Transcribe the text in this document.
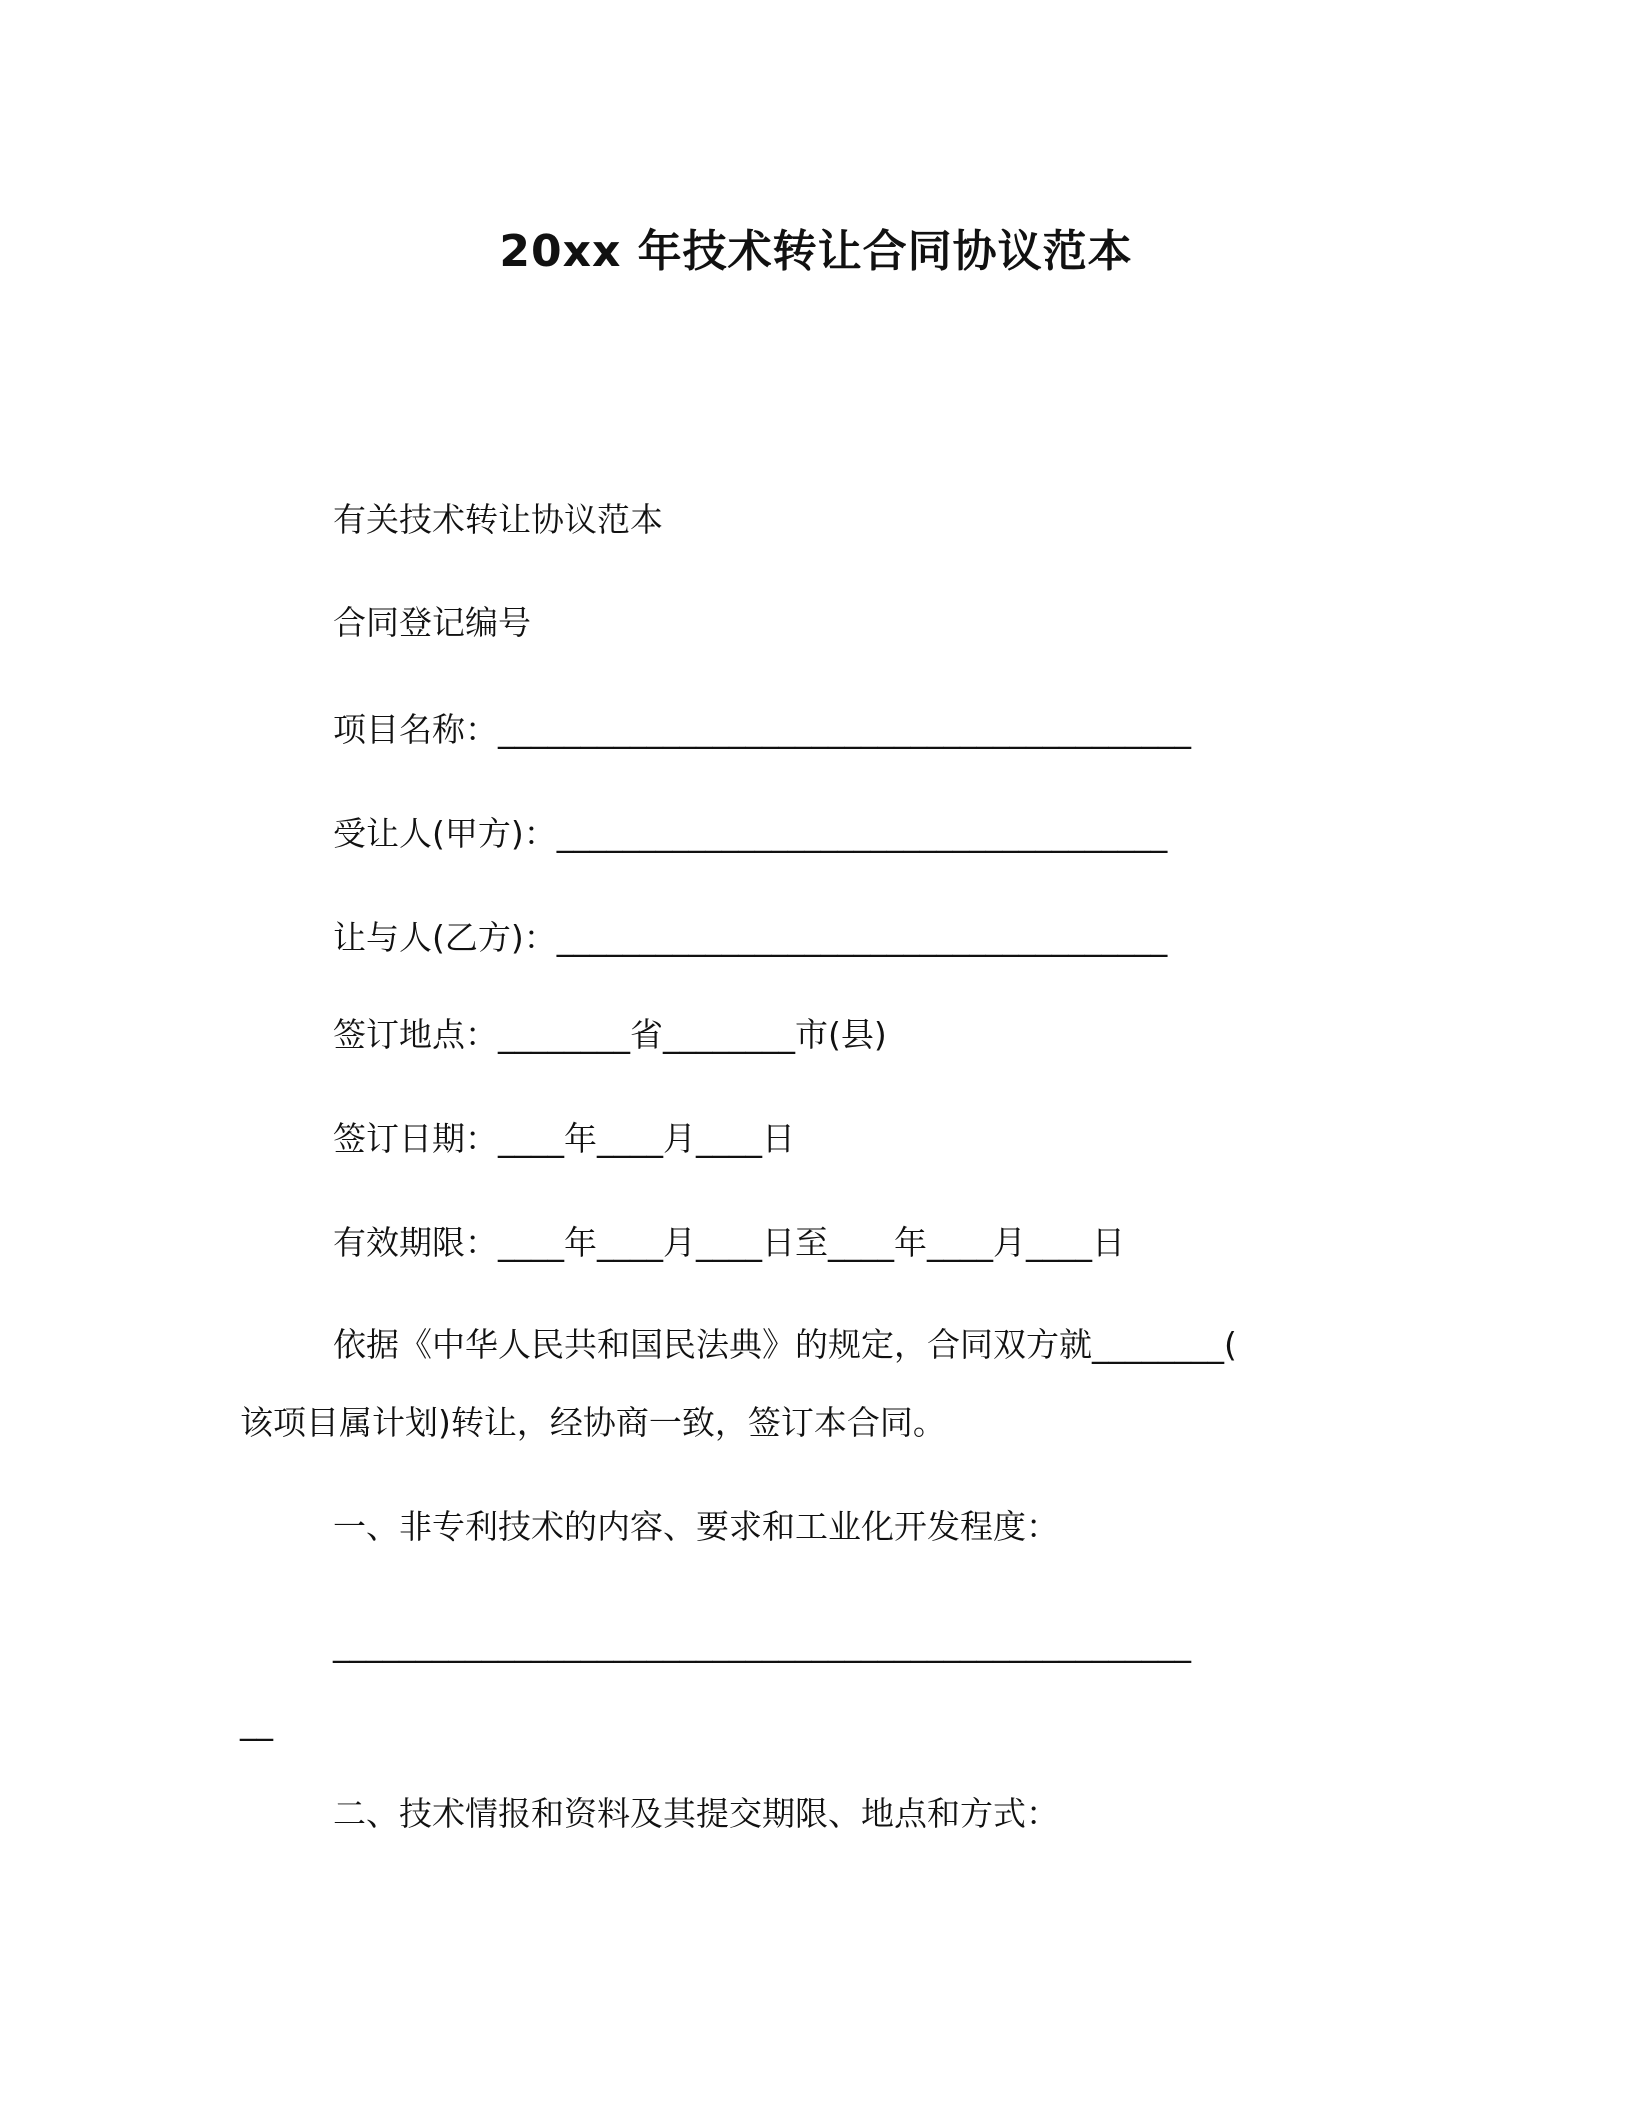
20xx 年技术转让合同协议范本
有关技术转让协议范本
合同登记编号
项目名称：__________________________________________
受让人(甲方)：_____________________________________
让与人(乙方)：_____________________________________
签订地点：________省________市(县)
签订日期：____年____月____日
有效期限：____年____月____日至____年____月____日
依据《中华人民共和国民法典》的规定，合同双方就________(
该项目属计划)转让，经协商一致，签订本合同。
一、非专利技术的内容、要求和工业化开发程度：
____________________________________________________
__
二、技术情报和资料及其提交期限、地点和方式：
